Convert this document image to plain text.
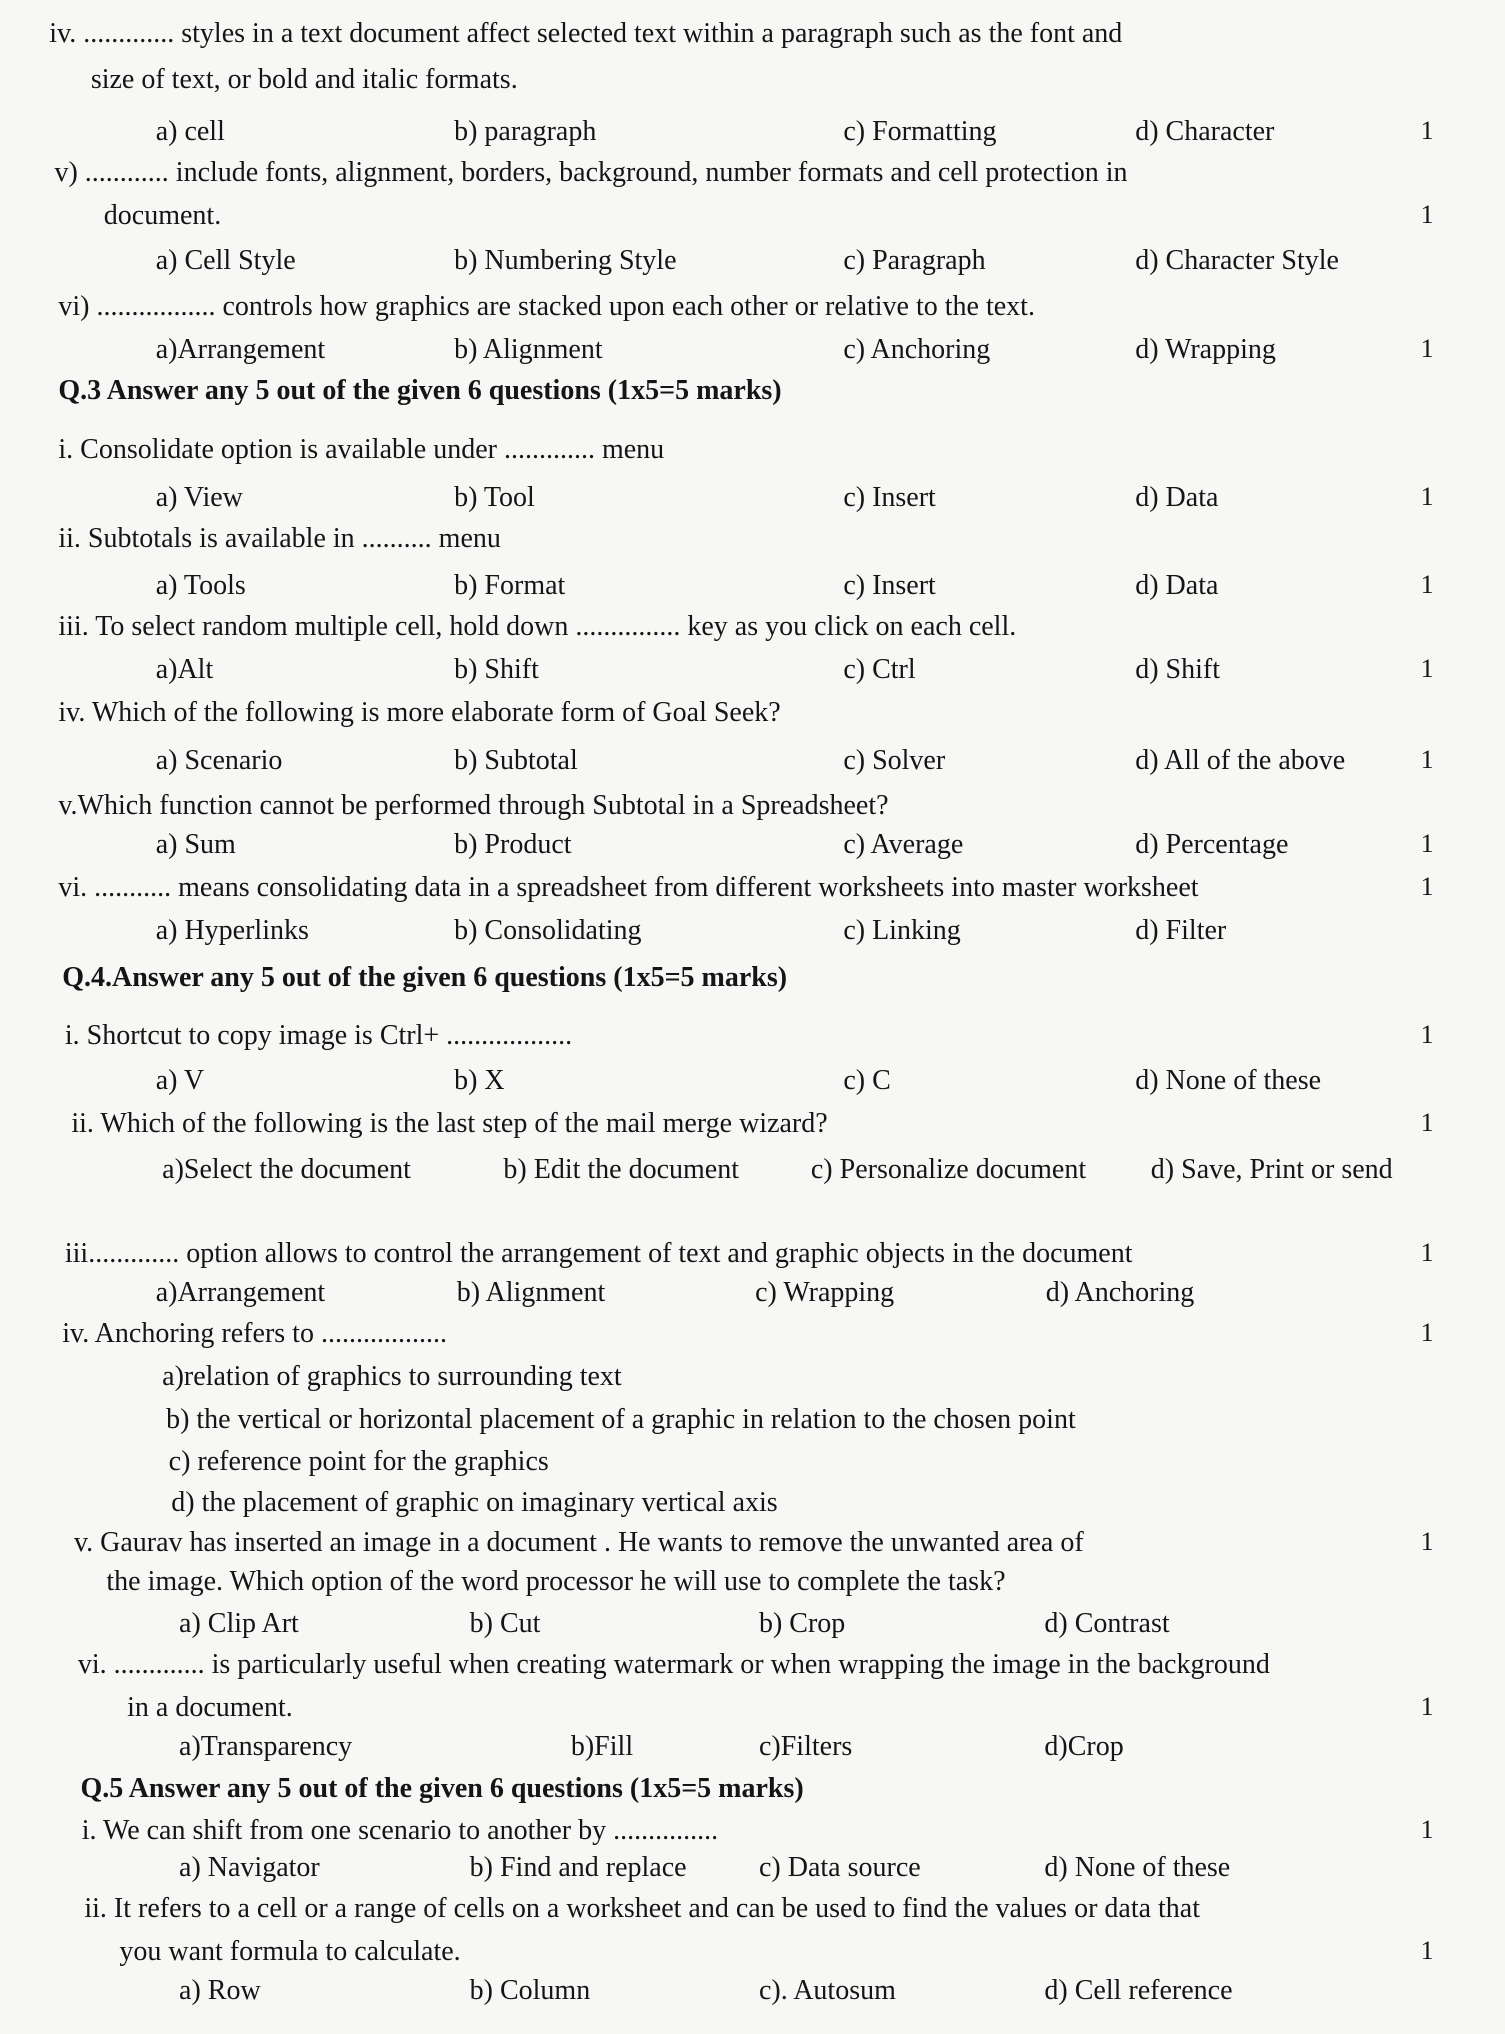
iv. ............. styles in a text document affect selected text within a paragraph such as the font and
size of text, or bold and italic formats.
a) cell	b) paragraph	c) Formatting	d) Character	1
v) ............ include fonts, alignment, borders, background, number formats and cell protection in
document.	1
a) Cell Style	b) Numbering Style	c) Paragraph	d) Character Style
vi) ................. controls how graphics are stacked upon each other or relative to the text.
a)Arrangement	b) Alignment	c) Anchoring	d) Wrapping	1
Q.3 Answer any 5 out of the given 6 questions (1x5=5 marks)
i. Consolidate option is available under ............. menu
a) View	b) Tool	c) Insert	d) Data	1
ii. Subtotals is available in .......... menu
a) Tools	b) Format	c) Insert	d) Data	1
iii. To select random multiple cell, hold down ............... key as you click on each cell.
a)Alt	b) Shift	c) Ctrl	d) Shift	1
iv. Which of the following is more elaborate form of Goal Seek?
a) Scenario	b) Subtotal	c) Solver	d) All of the above	1
v.Which function cannot be performed through Subtotal in a Spreadsheet?
a) Sum	b) Product	c) Average	d) Percentage	1
vi. ........... means consolidating data in a spreadsheet from different worksheets into master worksheet	1
a) Hyperlinks	b) Consolidating	c) Linking	d) Filter
Q.4.Answer any 5 out of the given 6 questions (1x5=5 marks)
i. Shortcut to copy image is Ctrl+ ..................	1
a) V	b) X	c) C	d) None of these
ii. Which of the following is the last step of the mail merge wizard?	1
a)Select the document	b) Edit the document	c) Personalize document d) Save, Print or send
iii............. option allows to control the arrangement of text and graphic objects in the document	1
a)Arrangement	b) Alignment	c) Wrapping	d) Anchoring
iv. Anchoring refers to ..................	1
a)relation of graphics to surrounding text
b) the vertical or horizontal placement of a graphic in relation to the chosen point
c) reference point for the graphics
d) the placement of graphic on imaginary vertical axis
v. Gaurav has inserted an image in a document . He wants to remove the unwanted area of	1
the image. Which option of the word processor he will use to complete the task?
a) Clip Art	b) Cut	b) Crop	d) Contrast
vi. ............. is particularly useful when creating watermark or when wrapping the image in the background
in a document.	1
a)Transparency	b)Fill	c)Filters	d)Crop
Q.5 Answer any 5 out of the given 6 questions (1x5=5 marks)
i. We can shift from one scenario to another by ...............	1
a) Navigator	b) Find and replace	c) Data source	d) None of these
ii. It refers to a cell or a range of cells on a worksheet and can be used to find the values or data that
you want formula to calculate.	1
a) Row	b) Column	c). Autosum	d) Cell reference
